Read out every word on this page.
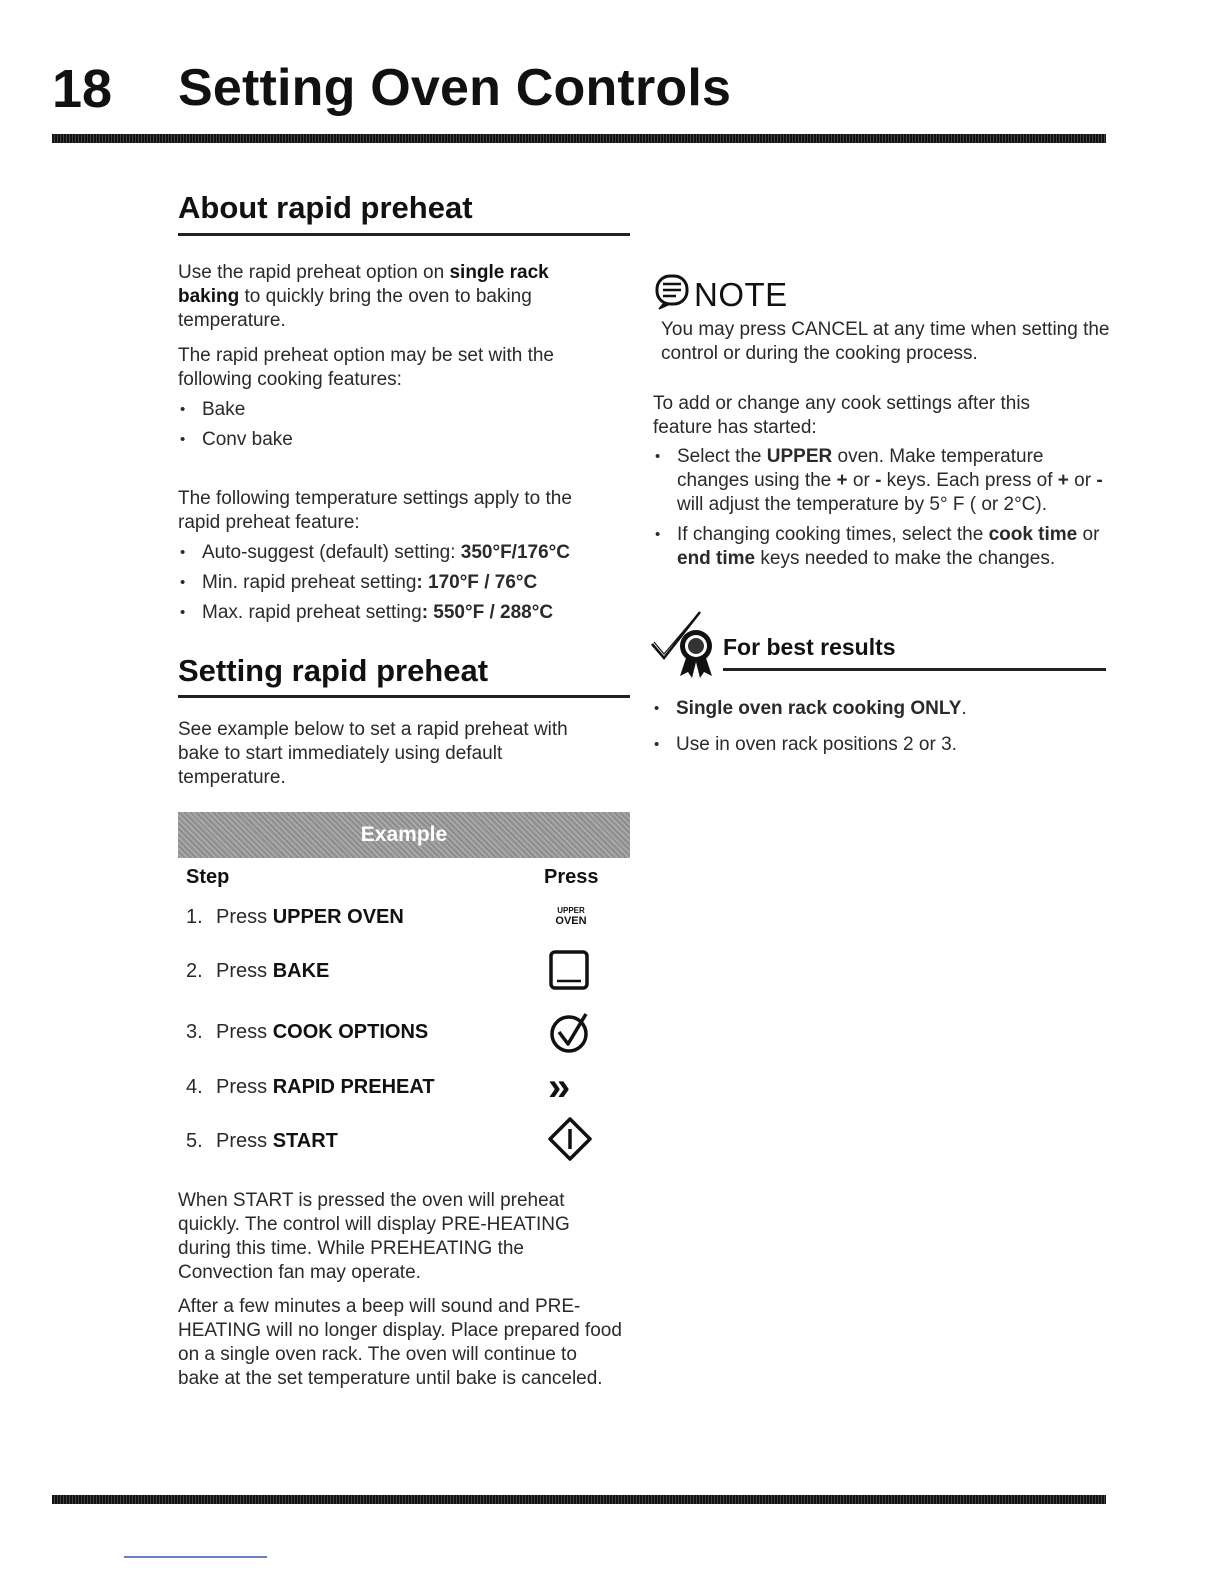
18 Setting Oven Controls
About rapid preheat
Use the rapid preheat option on single rack baking to quickly bring the oven to baking temperature.
The rapid preheat option may be set with the following cooking features:
• Bake
• Conv bake
The following temperature settings apply to the rapid preheat feature:
• Auto-suggest (default) setting: 350°F/176°C
• Min. rapid preheat setting: 170°F / 76°C
• Max. rapid preheat setting: 550°F / 288°C
Setting rapid preheat
See example below to set a rapid preheat with bake to start immediately using default temperature.
Example
Step	Press
1. Press UPPER OVEN	UPPER
OVEN
2. Press BAKE
3. Press COOK OPTIONS
4. Press RAPID PREHEAT	»
5. Press START
When START is pressed the oven will preheat quickly. The control will display PRE-HEATING during this time. While PREHEATING the Convection fan may operate.
After a few minutes a beep will sound and PRE-HEATING will no longer display. Place prepared food on a single oven rack. The oven will continue to bake at the set temperature until bake is canceled.
NOTE
You may press CANCEL at any time when setting the control or during the cooking process.
To add or change any cook settings after this feature has started:
• Select the UPPER oven. Make temperature changes using the + or - keys. Each press of + or - will adjust the temperature by 5° F ( or 2°C).
• If changing cooking times, select the cook time or end time keys needed to make the changes.
For best results
• Single oven rack cooking ONLY.
• Use in oven rack positions 2 or 3.
